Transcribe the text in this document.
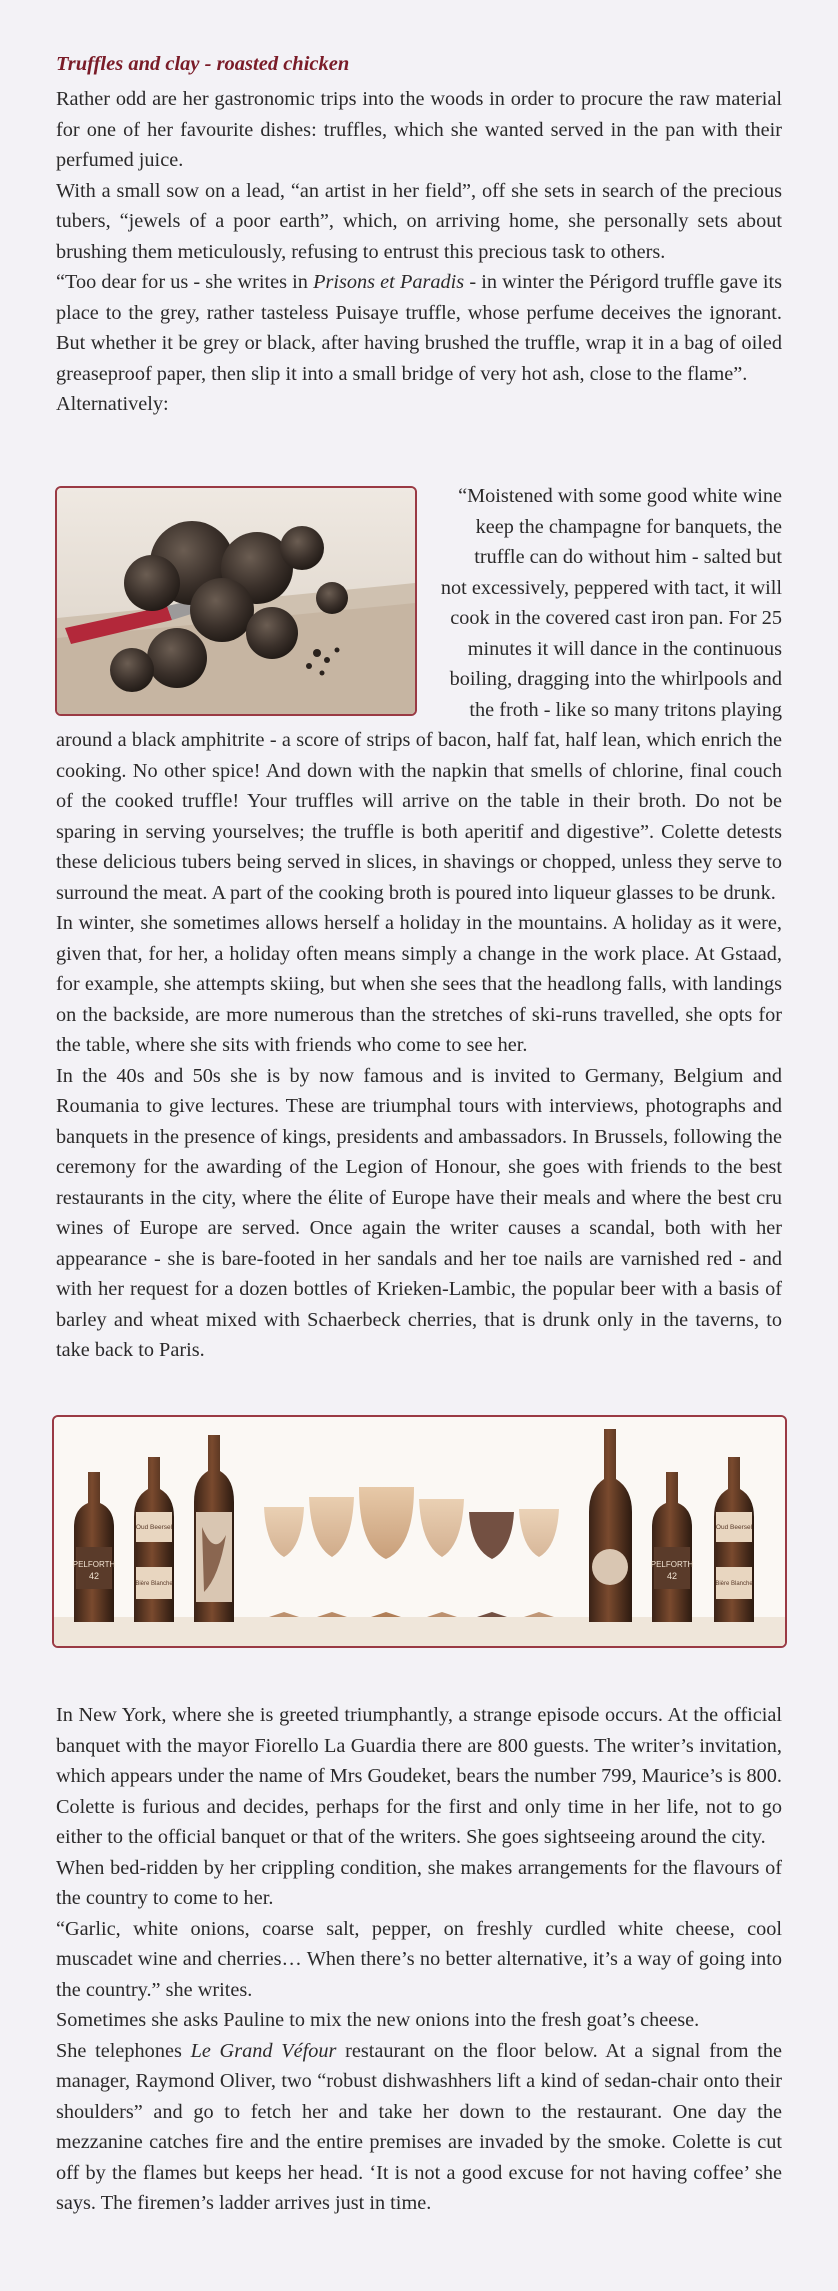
Truffles and clay - roasted chicken

Rather odd are her gastronomic trips into the woods in order to procure the raw material for one of her favourite dishes: truffles, which she wanted served in the pan with their perfumed juice.

With a small sow on a lead, “an artist in her field”, off she sets in search of the precious tubers, “jewels of a poor earth”, which, on arriving home, she personally sets about brushing them meticulously, refusing to entrust this precious task to others.

“Too dear for us - she writes in Prisons et Paradis - in winter the Périgord truffle gave its place to the grey, rather tasteless Puisaye truffle, whose perfume deceives the ignorant. But whether it be grey or black, after having brushed the truffle, wrap it in a bag of oiled greaseproof paper, then slip it into a small bridge of very hot ash, close to the flame”.

Alternatively:

“Moistened with some good white wine

keep the champagne for banquets, the

truffle can do without him - salted but

not excessively, peppered with tact, it will

cook in the covered cast iron pan. For 25

minutes it will dance in the continuous

boiling, dragging into the whirlpools and

the froth - like so many tritons playing

around a black amphitrite - a score of strips of bacon, half fat, half lean, which enrich the cooking. No other spice! And down with the napkin that smells of chlorine, final couch of the cooked truffle! Your truffles will arrive on the table in their broth. Do not be sparing in serving yourselves; the truffle is both aperitif and digestive”. Colette detests these delicious tubers being served in slices, in shavings or chopped, unless they serve to surround the meat. A part of the cooking broth is poured into liqueur glasses to be drunk.

In winter, she sometimes allows herself a holiday in the mountains. A holiday as it were, given that, for her, a holiday often means simply a change in the work place. At Gstaad, for example, she attempts skiing, but when she sees that the headlong falls, with landings on the backside, are more numerous than the stretches of ski-runs travelled, she opts for the table, where she sits with friends who come to see her.

In the 40s and 50s she is by now famous and is invited to Germany, Belgium and Roumania to give lectures. These are triumphal tours with interviews, photographs and banquets in the presence of kings, presidents and ambassadors. In Brussels, following the ceremony for the awarding of the Legion of Honour, she goes with friends to the best restaurants in the city, where the élite of Europe have their meals and where the best cru wines of Europe are served. Once again the writer causes a scandal, both with her appearance - she is bare-footed in her sandals and her toe nails are varnished red - and with her request for a dozen bottles of Krieken-Lambic, the popular beer with a basis of barley and wheat mixed with Schaerbeck cherries, that is drunk only in the taverns, to take back to Paris.

PELFORTH
42
Oud Beersel
Bière Blanche
PELFORTH
42
Oud Beersel
Bière Blanche

In New York, where she is greeted triumphantly, a strange episode occurs. At the official banquet with the mayor Fiorello La Guardia there are 800 guests. The writer’s invitation, which appears under the name of Mrs Goudeket, bears the number 799, Maurice’s is 800. Colette is furious and decides, perhaps for the first and only time in her life, not to go either to the official banquet or that of the writers. She goes sightseeing around the city.

When bed-ridden by her crippling condition, she makes arrangements for the flavours of the country to come to her.

“Garlic, white onions, coarse salt, pepper, on freshly curdled white cheese, cool muscadet wine and cherries… When there’s no better alternative, it’s a way of going into the country.” she writes.

Sometimes she asks Pauline to mix the new onions into the fresh goat’s cheese.

She telephones Le Grand Véfour restaurant on the floor below. At a signal from the manager, Raymond Oliver, two “robust dishwashhers lift a kind of sedan-chair onto their shoulders” and go to fetch her and take her down to the restaurant. One day the mezzanine catches fire and the entire premises are invaded by the smoke. Colette is cut off by the flames but keeps her head. ‘It is not a good excuse for not having coffee’ she says. The firemen’s ladder arrives just in time.
